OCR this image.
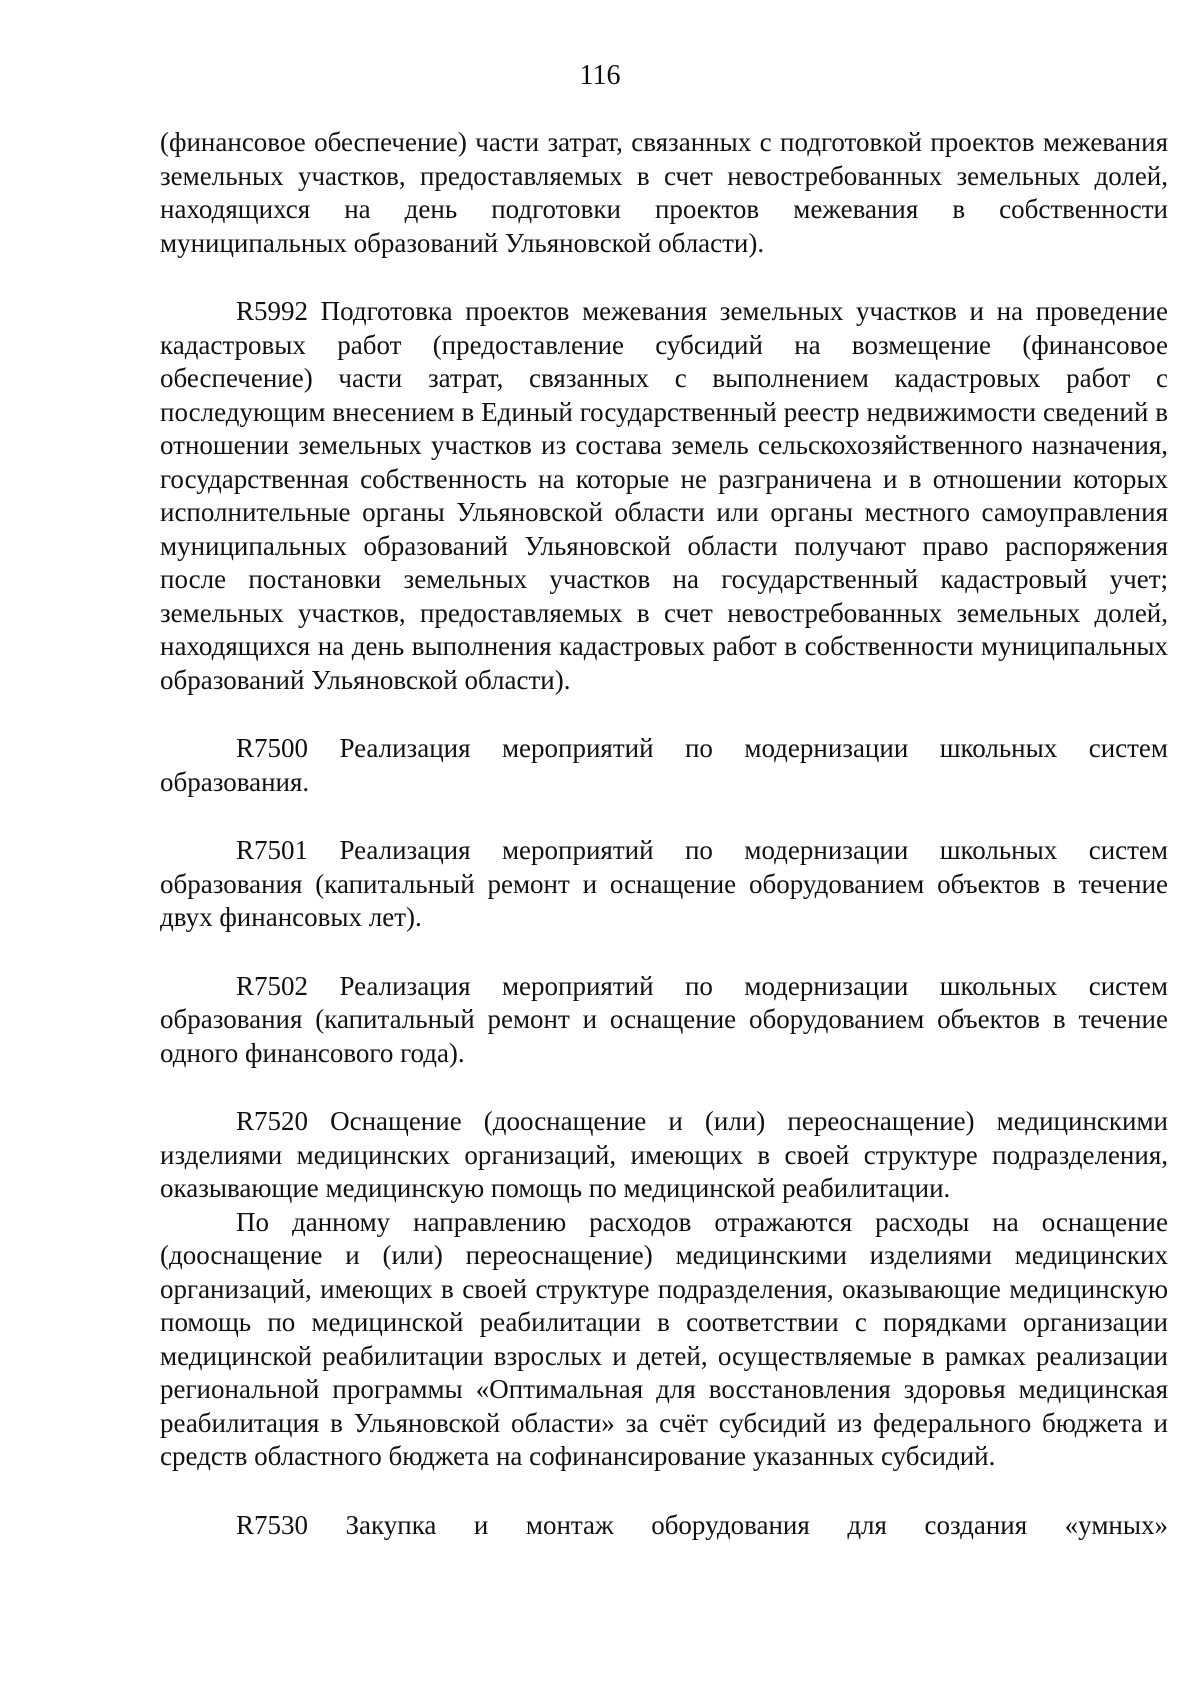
116

(финансовое обеспечение) части затрат, связанных с подготовкой проектов межевания земельных участков, предоставляемых в счет невостребованных земельных долей, находящихся на день подготовки проектов межевания в собственности муниципальных образований Ульяновской области).

R5992 Подготовка проектов межевания земельных участков и на проведение кадастровых работ (предоставление субсидий на возмещение (финансовое обеспечение) части затрат, связанных с выполнением кадастровых работ с последующим внесением в Единый государственный реестр недвижимости сведений в отношении земельных участков из состава земель сельскохозяйственного назначения, государственная собственность на которые не разграничена и в отношении которых исполнительные органы Ульяновской области или органы местного самоуправления муниципальных образований Ульяновской области получают право распоряжения после постановки земельных участков на государственный кадастровый учет; земельных участков, предоставляемых в счет невостребованных земельных долей, находящихся на день выполнения кадастровых работ в собственности муниципальных образований Ульяновской области).

R7500 Реализация мероприятий по модернизации школьных систем образования.

R7501 Реализация мероприятий по модернизации школьных систем образования (капитальный ремонт и оснащение оборудованием объектов в течение двух финансовых лет).

R7502 Реализация мероприятий по модернизации школьных систем образования (капитальный ремонт и оснащение оборудованием объектов в течение одного финансового года).

R7520 Оснащение (дооснащение и (или) переоснащение) медицинскими изделиями медицинских организаций, имеющих в своей структуре подразделения, оказывающие медицинскую помощь по медицинской реабилитации.

По данному направлению расходов отражаются расходы на оснащение (дооснащение и (или) переоснащение) медицинскими изделиями медицинских организаций, имеющих в своей структуре подразделения, оказывающие медицинскую помощь по медицинской реабилитации в соответствии с порядками организации медицинской реабилитации взрослых и детей, осуществляемые в рамках реализации региональной программы «Оптимальная для восстановления здоровья медицинская реабилитация в Ульяновской области» за счёт субсидий из федерального бюджета и средств областного бюджета на софинансирование указанных субсидий.

R7530 Закупка и монтаж оборудования для создания «умных»
